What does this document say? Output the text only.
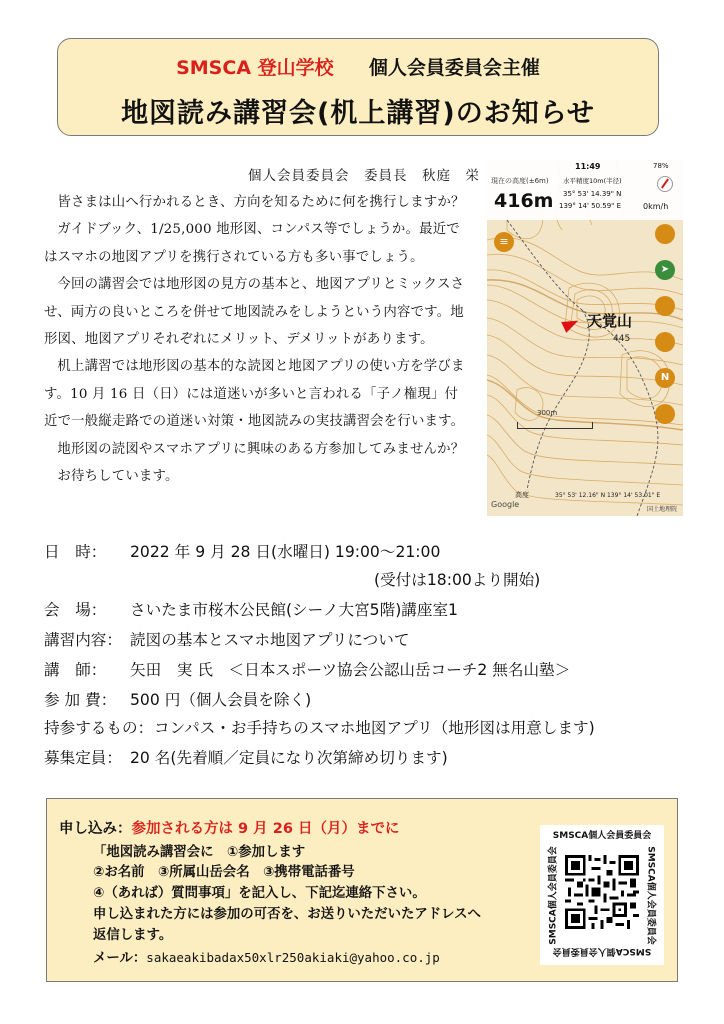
SMSCA 登山学校 個人会員委員会主催
地図読み講習会(机上講習)のお知らせ
個人会員委員会　委員長　秋庭　栄

皆さまは山へ行かれるとき、方向を知るために何を携行しますか？

ガイドブック、1/25,000 地形図、コンパス等でしょうか。最近ではスマホの地図アプリを携行されている方も多い事でしょう。

今回の講習会では地形図の見方の基本と、地図アプリとミックスさせ、両方の良いところを併せて地図読みをしようという内容です。地形図、地図アプリそれぞれにメリット、デメリットがあります。

机上講習では地形図の基本的な読図と地図アプリの使い方を学びます。10 月 16 日（日）には道迷いが多いと言われる「子ノ権現」付近で一般縦走路での道迷い対策・地図読みの実技講習会を行います。

地形図の読図やスマホアプリに興味のある方参加してみませんか？

お待ちしています。

11:49	78%
現在の高度(±6m)
416m
水平精度10m(半径)
35° 53' 14.39" N
139° 14' 50.59" E	0km/h
≡
➤
N
天覚山
445
300m
高度	35° 53' 12.16" N 139° 14' 53.01" E
Google
国土地理院
日　時： 2022 年 9 月 28 日(水曜日) 19:00～21:00
(受付は18:00より開始)
会　場： さいたま市桜木公民館(シーノ大宮5階)講座室1
講習内容： 読図の基本とスマホ地図アプリについて
講　師： 矢田　実 氏　＜日本スポーツ協会公認山岳コーチ2 無名山塾＞
参 加 費： 500 円（個人会員を除く)
持参するもの：コンパス・お手持ちのスマホ地図アプリ（地形図は用意します)
募集定員： 20 名(先着順／定員になり次第締め切ります)
申し込み：参加される方は 9 月 26 日（月）までに
「地図読み講習会に　①参加します
②お名前　③所属山岳会名　③携帯電話番号
④（あれば）質問事項」を記入し、下記迄連絡下さい。
申し込まれた方には参加の可否を、お送りいただいたアドレスへ
返信します。
メール：sakaeakibadax50xlr250akiaki@yahoo.co.jp
SMSCA個人会員委員会
SMSCA個人会員委員会
SMSCA個人会員委員会
SMSCA個人会員委員会
